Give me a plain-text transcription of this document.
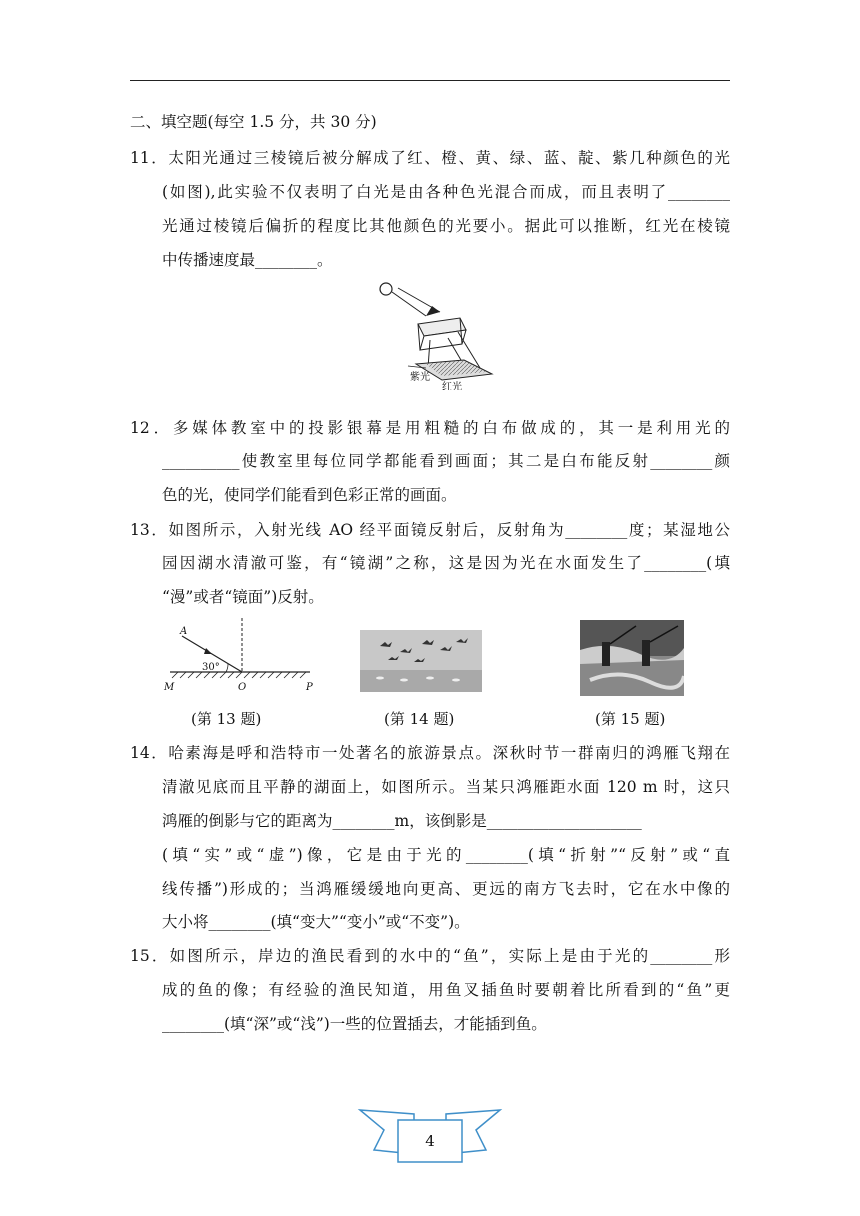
二、填空题(每空 1.5 分，共 30 分)
11．太阳光通过三棱镜后被分解成了红、橙、黄、绿、蓝、靛、紫几种颜色的光
(如图),此实验不仅表明了白光是由各种色光混合而成，而且表明了________
光通过棱镜后偏折的程度比其他颜色的光要小。据此可以推断，红光在棱镜
中传播速度最________。
紫光
红光
12．多媒体教室中的投影银幕是用粗糙的白布做成的，其一是利用光的
__________使教室里每位同学都能看到画面；其二是白布能反射________颜
色的光，使同学们能看到色彩正常的画面。
13．如图所示，入射光线 AO 经平面镜反射后，反射角为________度；某湿地公
园因湖水清澈可鉴，有“镜湖”之称，这是因为光在水面发生了________(填
“漫”或者“镜面”)反射。
A
30°
M	O	P
(第 13 题)	(第 14 题)	(第 15 题)
14．哈素海是呼和浩特市一处著名的旅游景点。深秋时节一群南归的鸿雁飞翔在
清澈见底而且平静的湖面上，如图所示。当某只鸿雁距水面 120 m 时，这只
鸿雁的倒影与它的距离为________m，该倒影是____________________
(填“实”或“虚”)像，它是由于光的________(填“折射”“反射”或“直
线传播”)形成的；当鸿雁缓缓地向更高、更远的南方飞去时，它在水中像的
大小将________(填“变大”“变小”或“不变”)。
15．如图所示，岸边的渔民看到的水中的“鱼”，实际上是由于光的________形
成的鱼的像；有经验的渔民知道，用鱼叉插鱼时要朝着比所看到的“鱼”更
________(填“深”或“浅”)一些的位置插去，才能插到鱼。
4
